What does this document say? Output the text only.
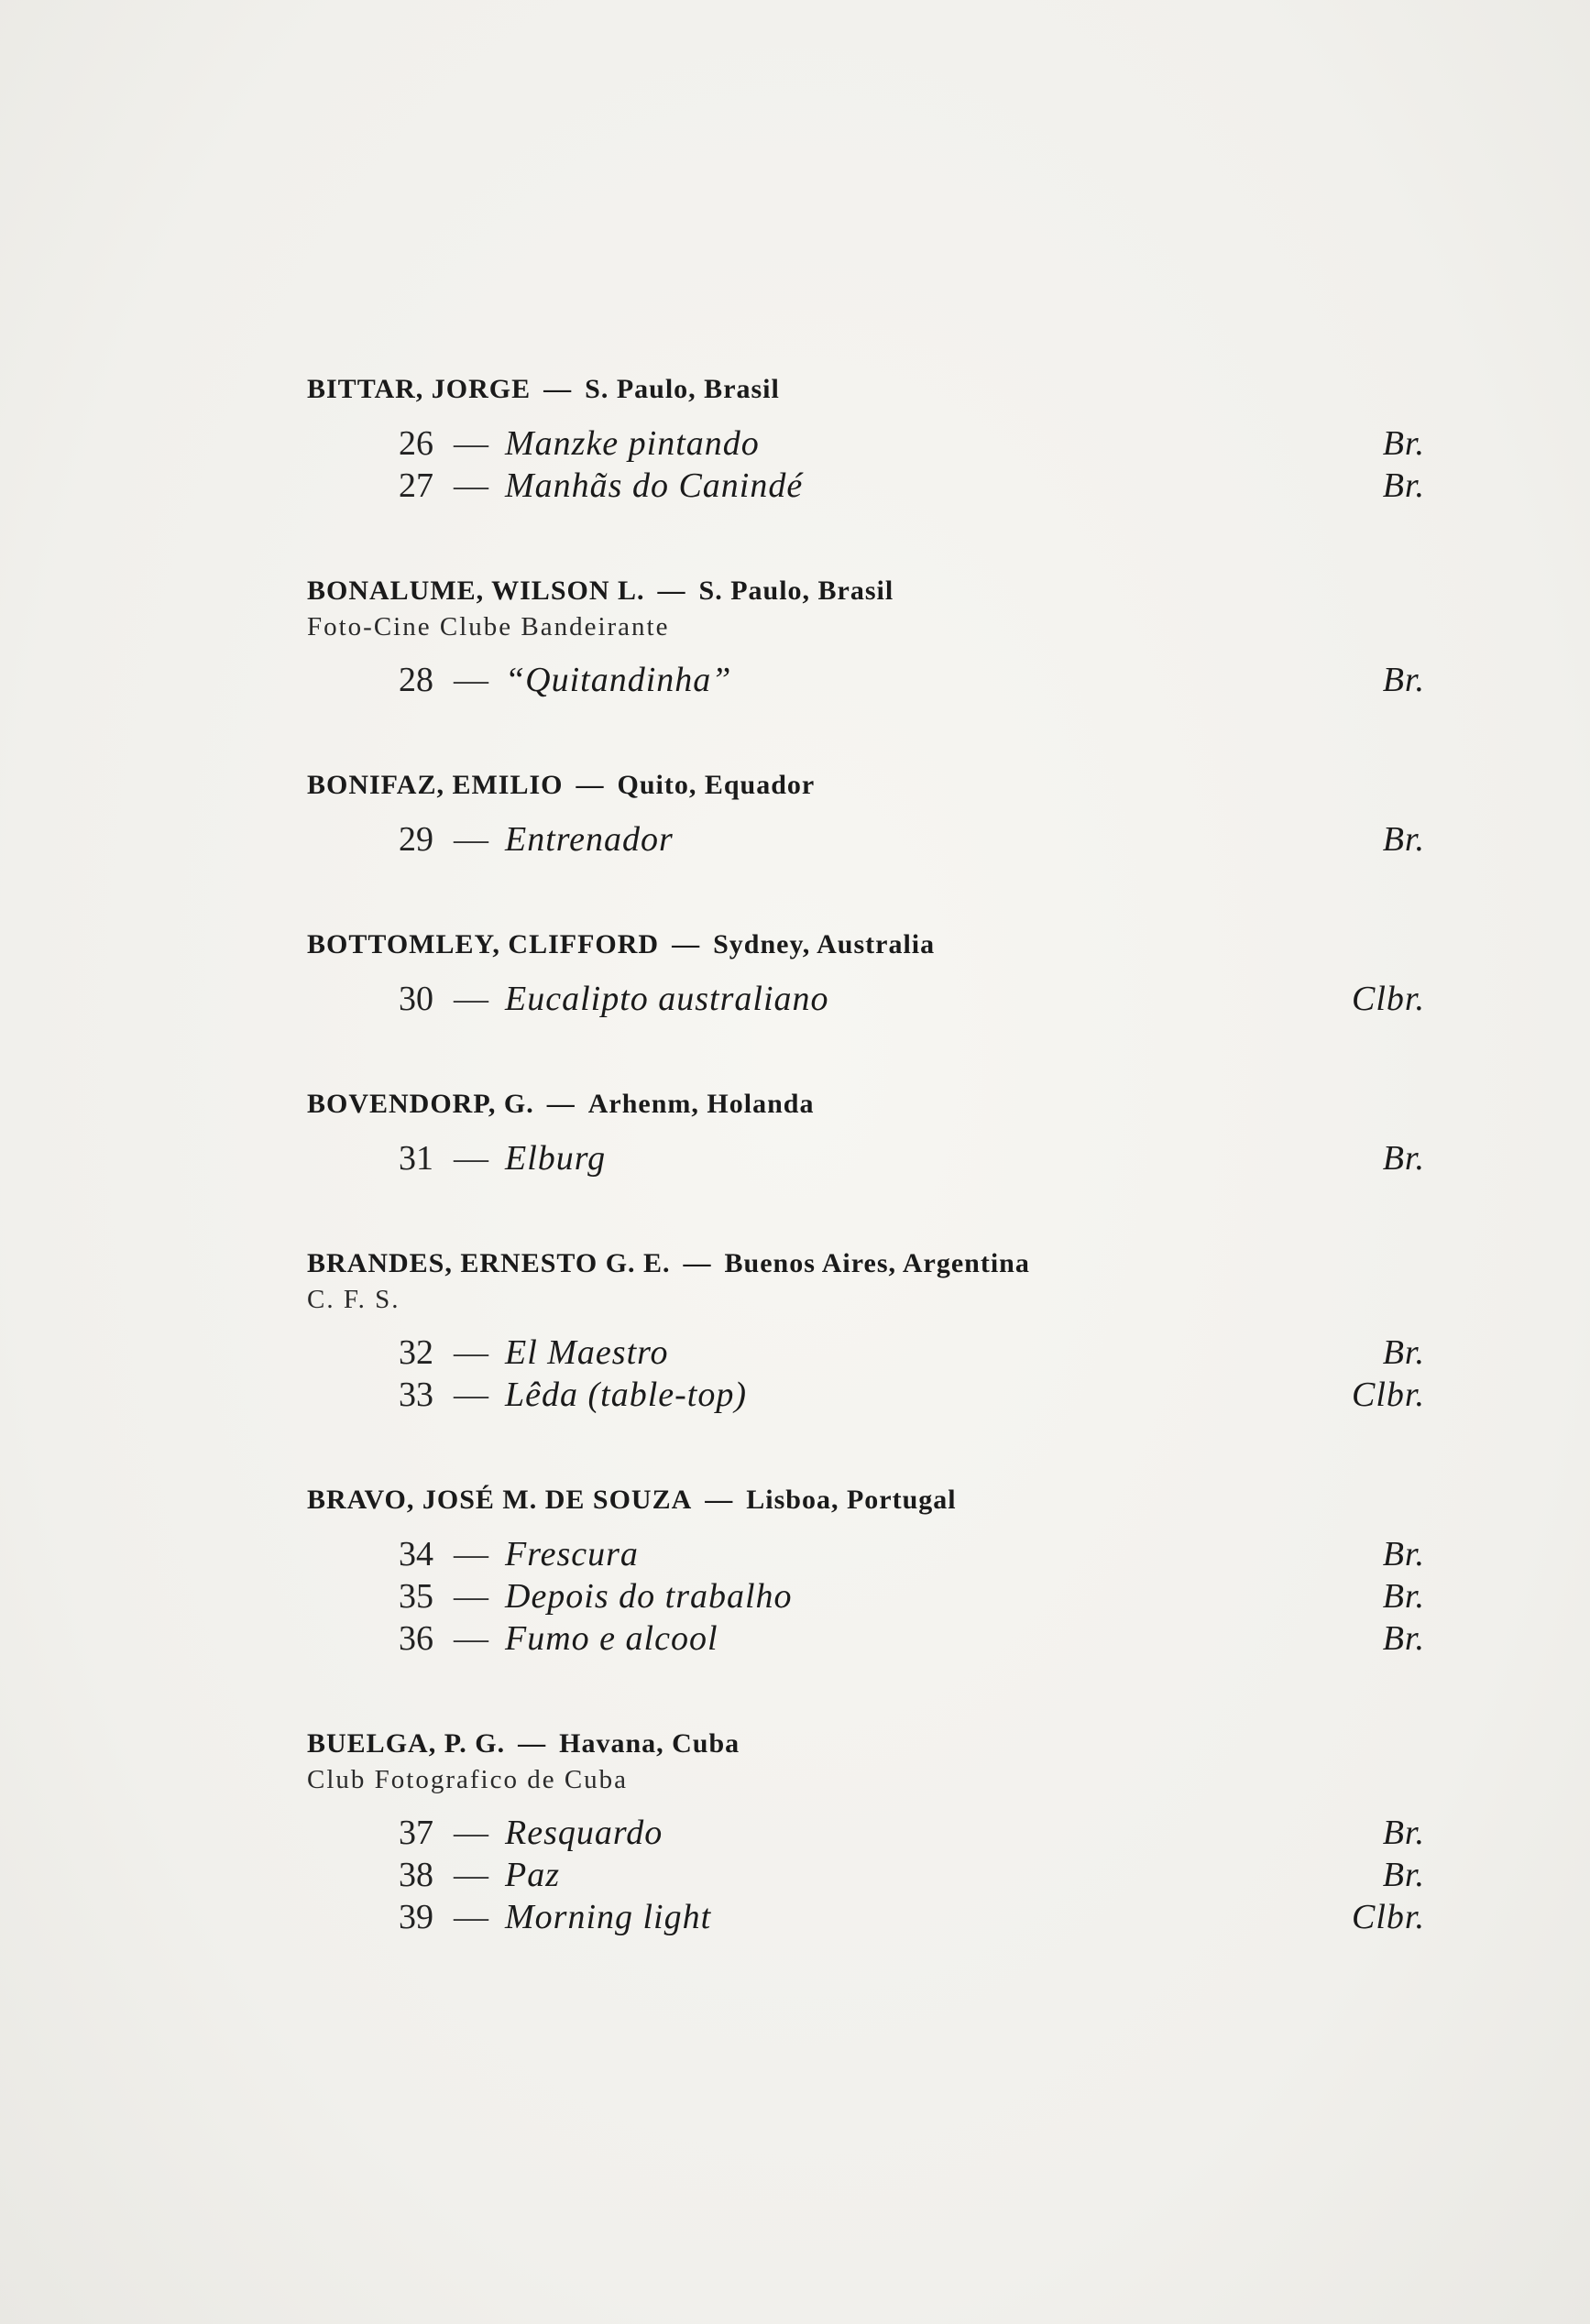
BITTAR, JORGE — S. Paulo, Brasil
26 — Manzke pintando	Br.
27 — Manhãs do Canindé	Br.
BONALUME, WILSON L. — S. Paulo, Brasil
Foto-Cine Clube Bandeirante
28 — “Quitandinha”	Br.
BONIFAZ, EMILIO — Quito, Equador
29 — Entrenador	Br.
BOTTOMLEY, CLIFFORD — Sydney, Australia
30 — Eucalipto australiano	Clbr.
BOVENDORP, G. — Arhenm, Holanda
31 — Elburg	Br.
BRANDES, ERNESTO G. E. — Buenos Aires, Argentina
C. F. S.
32 — El Maestro	Br.
33 — Lêda (table-top)	Clbr.
BRAVO, JOSÉ M. DE SOUZA — Lisboa, Portugal
34 — Frescura	Br.
35 — Depois do trabalho	Br.
36 — Fumo e alcool	Br.
BUELGA, P. G. — Havana, Cuba
Club Fotografico de Cuba
37 — Resquardo	Br.
38 — Paz	Br.
39 — Morning light	Clbr.
